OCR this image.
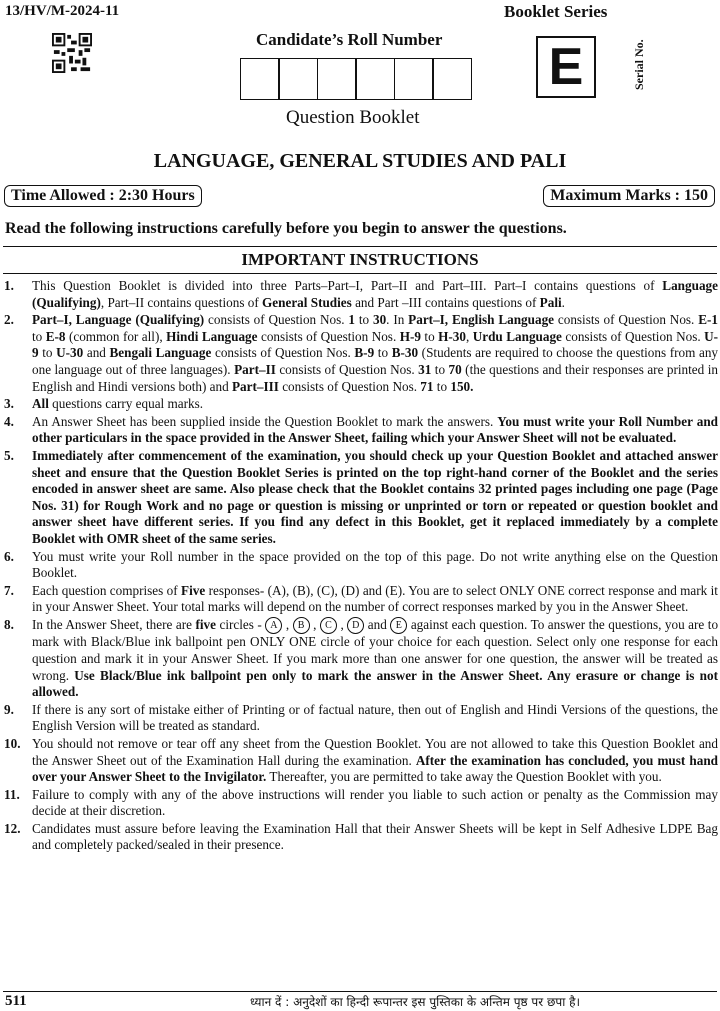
13/HV/M-2024-11	Booklet Series
Candidate’s Roll Number E	Serial No.
Question Booklet
LANGUAGE, GENERAL STUDIES AND PALI
Time Allowed : 2:30 Hours	Maximum Marks : 150
Read the following instructions carefully before you begin to answer the questions.
IMPORTANT INSTRUCTIONS
1.	This Question Booklet is divided into three Parts–Part–I, Part–II and Part–III. Part–I contains questions of Language (Qualifying), Part–II contains questions of General Studies and Part –III contains questions of Pali.
2.	Part–I, Language (Qualifying) consists of Question Nos. 1 to 30. In Part–I, English Language consists of Question Nos. E-1 to E-8 (common for all), Hindi Language consists of Question Nos. H-9 to H-30, Urdu Language consists of Question Nos. U-9 to U-30 and Bengali Language consists of Question Nos. B-9 to B-30 (Students are required to choose the questions from any one language out of three languages). Part–II consists of Question Nos. 31 to 70 (the questions and their responses are printed in English and Hindi versions both) and Part–III consists of Question Nos. 71 to 150.
3.	All questions carry equal marks.
4.	An Answer Sheet has been supplied inside the Question Booklet to mark the answers. You must write your Roll Number and other particulars in the space provided in the Answer Sheet, failing which your Answer Sheet will not be evaluated.
5.	Immediately after commencement of the examination, you should check up your Question Booklet and attached answer sheet and ensure that the Question Booklet Series is printed on the top right-hand corner of the Booklet and the series encoded in answer sheet are same. Also please check that the Booklet contains 32 printed pages including one page (Page Nos. 31) for Rough Work and no page or question is missing or unprinted or torn or repeated or question booklet and answer sheet have different series. If you find any defect in this Booklet, get it replaced immediately by a complete Booklet with OMR sheet of the same series.
6.	You must write your Roll number in the space provided on the top of this page. Do not write anything else on the Question Booklet.
7.	Each question comprises of Five responses- (A), (B), (C), (D) and (E). You are to select ONLY ONE correct response and mark it in your Answer Sheet. Your total marks will depend on the number of correct responses marked by you in the Answer Sheet.
8.	In the Answer Sheet, there are five circles - A , B , C , D and E against each question. To answer the questions, you are to mark with Black/Blue ink ballpoint pen ONLY ONE circle of your choice for each question. Select only one response for each question and mark it in your Answer Sheet. If you mark more than one answer for one question, the answer will be treated as wrong. Use Black/Blue ink ballpoint pen only to mark the answer in the Answer Sheet. Any erasure or change is not allowed.
9.	If there is any sort of mistake either of Printing or of factual nature, then out of English and Hindi Versions of the questions, the English Version will be treated as standard.
10. You should not remove or tear off any sheet from the Question Booklet. You are not allowed to take this Question Booklet and the Answer Sheet out of the Examination Hall during the examination. After the examination has concluded, you must hand over your Answer Sheet to the Invigilator. Thereafter, you are permitted to take away the Question Booklet with you.
11. Failure to comply with any of the above instructions will render you liable to such action or penalty as the Commission may decide at their discretion.
12. Candidates must assure before leaving the Examination Hall that their Answer Sheets will be kept in Self Adhesive LDPE Bag and completely packed/sealed in their presence.
511	ध्यान दें : अनुदेशों का हिन्दी रूपान्तर इस पुस्तिका के अन्तिम पृष्ठ पर छपा है।
